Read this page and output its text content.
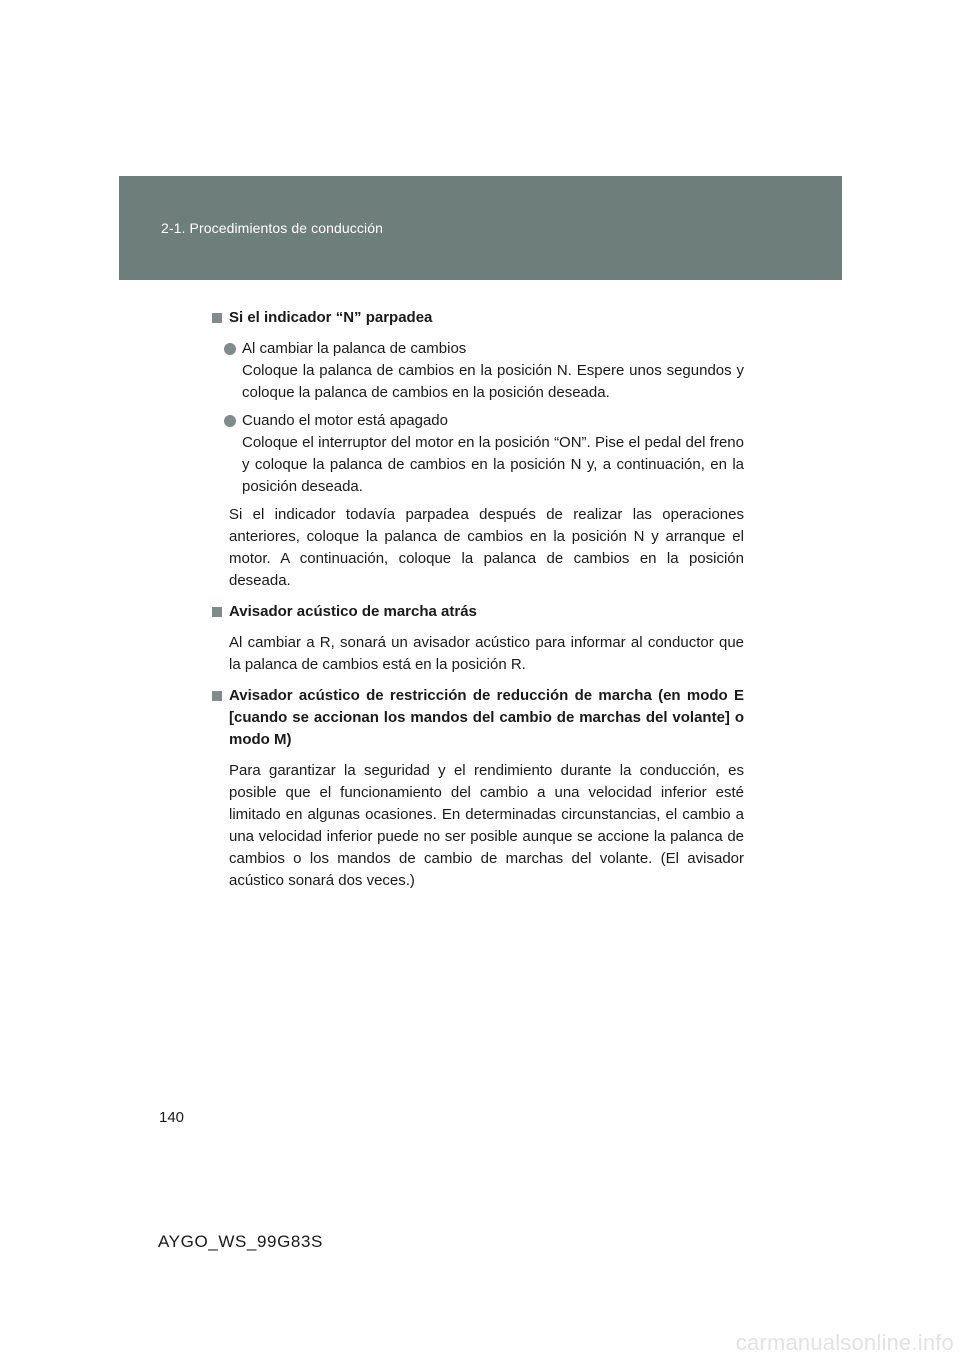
2-1. Procedimientos de conducción
Si el indicador “N” parpadea
Al cambiar la palanca de cambios
Coloque la palanca de cambios en la posición N. Espere unos segundos y coloque la palanca de cambios en la posición deseada.
Cuando el motor está apagado
Coloque el interruptor del motor en la posición “ON”. Pise el pedal del freno y coloque la palanca de cambios en la posición N y, a continuación, en la posición deseada.

Si el indicador todavía parpadea después de realizar las operaciones anteriores, coloque la palanca de cambios en la posición N y arranque el motor. A continuación, coloque la palanca de cambios en la posición deseada.

Avisador acústico de marcha atrás

Al cambiar a R, sonará un avisador acústico para informar al conductor que la palanca de cambios está en la posición R.

Avisador acústico de restricción de reducción de marcha (en modo E [cuando se accionan los mandos del cambio de marchas del volante] o modo M)

Para garantizar la seguridad y el rendimiento durante la conducción, es posible que el funcionamiento del cambio a una velocidad inferior esté limitado en algunas ocasiones. En determinadas circunstancias, el cambio a una velocidad inferior puede no ser posible aunque se accione la palanca de cambios o los mandos de cambio de marchas del volante. (El avisador acústico sonará dos veces.)

140
AYGO_WS_99G83S
carmanualsonline.info
